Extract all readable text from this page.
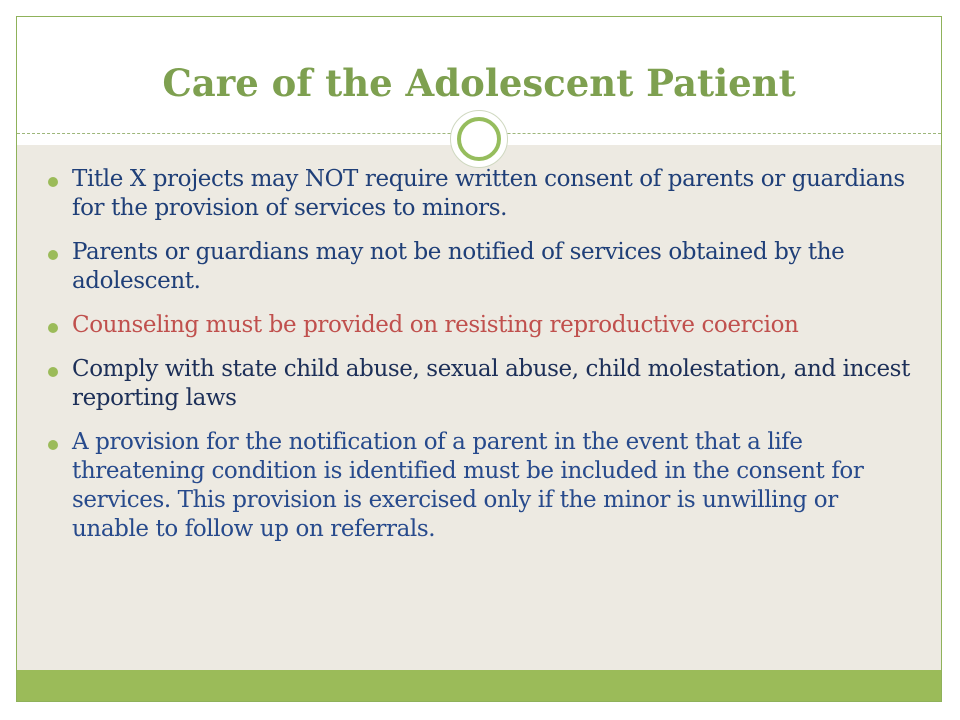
Care of the Adolescent Patient
Title X projects may NOT require written consent of parents or guardians for the provision of services to minors.
Parents or guardians may not be notified of services obtained by the adolescent.
Counseling must be provided on resisting reproductive coercion
Comply with state child abuse, sexual abuse, child molestation, and incest reporting laws
A provision for the notification of a parent in the event that a life threatening condition is identified must be included in the consent for services. This provision is exercised only if the minor is unwilling or unable to follow up on referrals.
